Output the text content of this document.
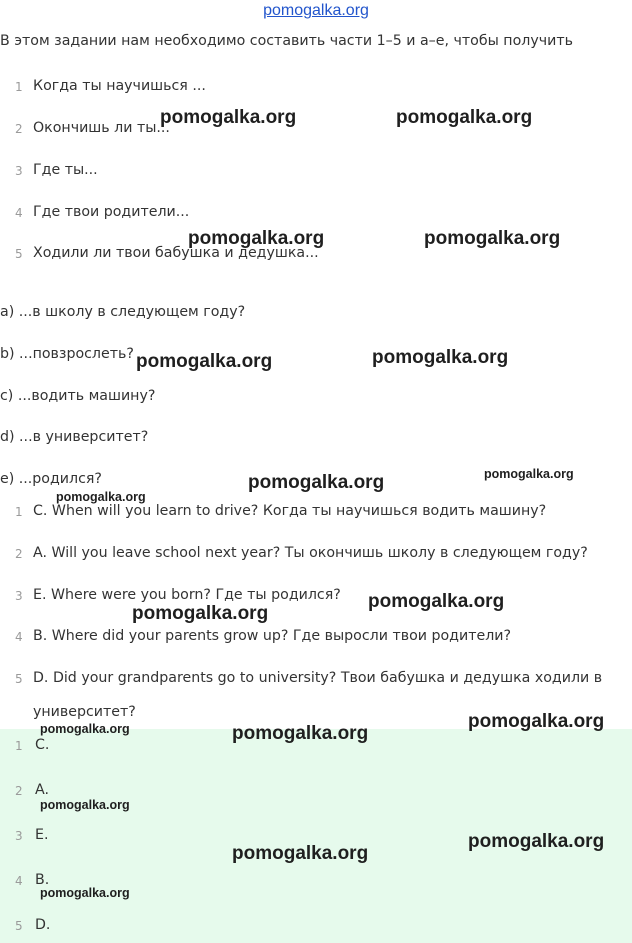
pomogalka.org
В этом задании нам необходимо составить части 1–5 и a–e, чтобы получить
1 Когда ты научишься ...
2 Окончишь ли ты...
3 Где ты...
4 Где твои родители...
5 Ходили ли твои бабушка и дедушка...
a) ...в школу в следующем году?
b) ...повзрослеть?
c) ...водить машину?
d) ...в университет?
e) ...родился?
1 C. When will you learn to drive? Когда ты научишься водить машину?
2 A. Will you leave school next year? Ты окончишь школу в следующем году?
3 E. Where were you born? Где ты родился?
4 B. Where did your parents grow up? Где выросли твои родители?
5 D. Did your grandparents go to university? Твои бабушка и дедушка ходили в
университет?
1 C.
2 A.
3 E.
4 B.
5 D.
pomogalka.org	pomogalka.org
pomogalka.org	pomogalka.org
pomogalka.org	pomogalka.org
pomogalka.org	pomogalka.org
pomogalka.org
pomogalka.org
pomogalka.org
pomogalka.org
pomogalka.org	pomogalka.org
pomogalka.org
pomogalka.org
pomogalka.org
pomogalka.org
